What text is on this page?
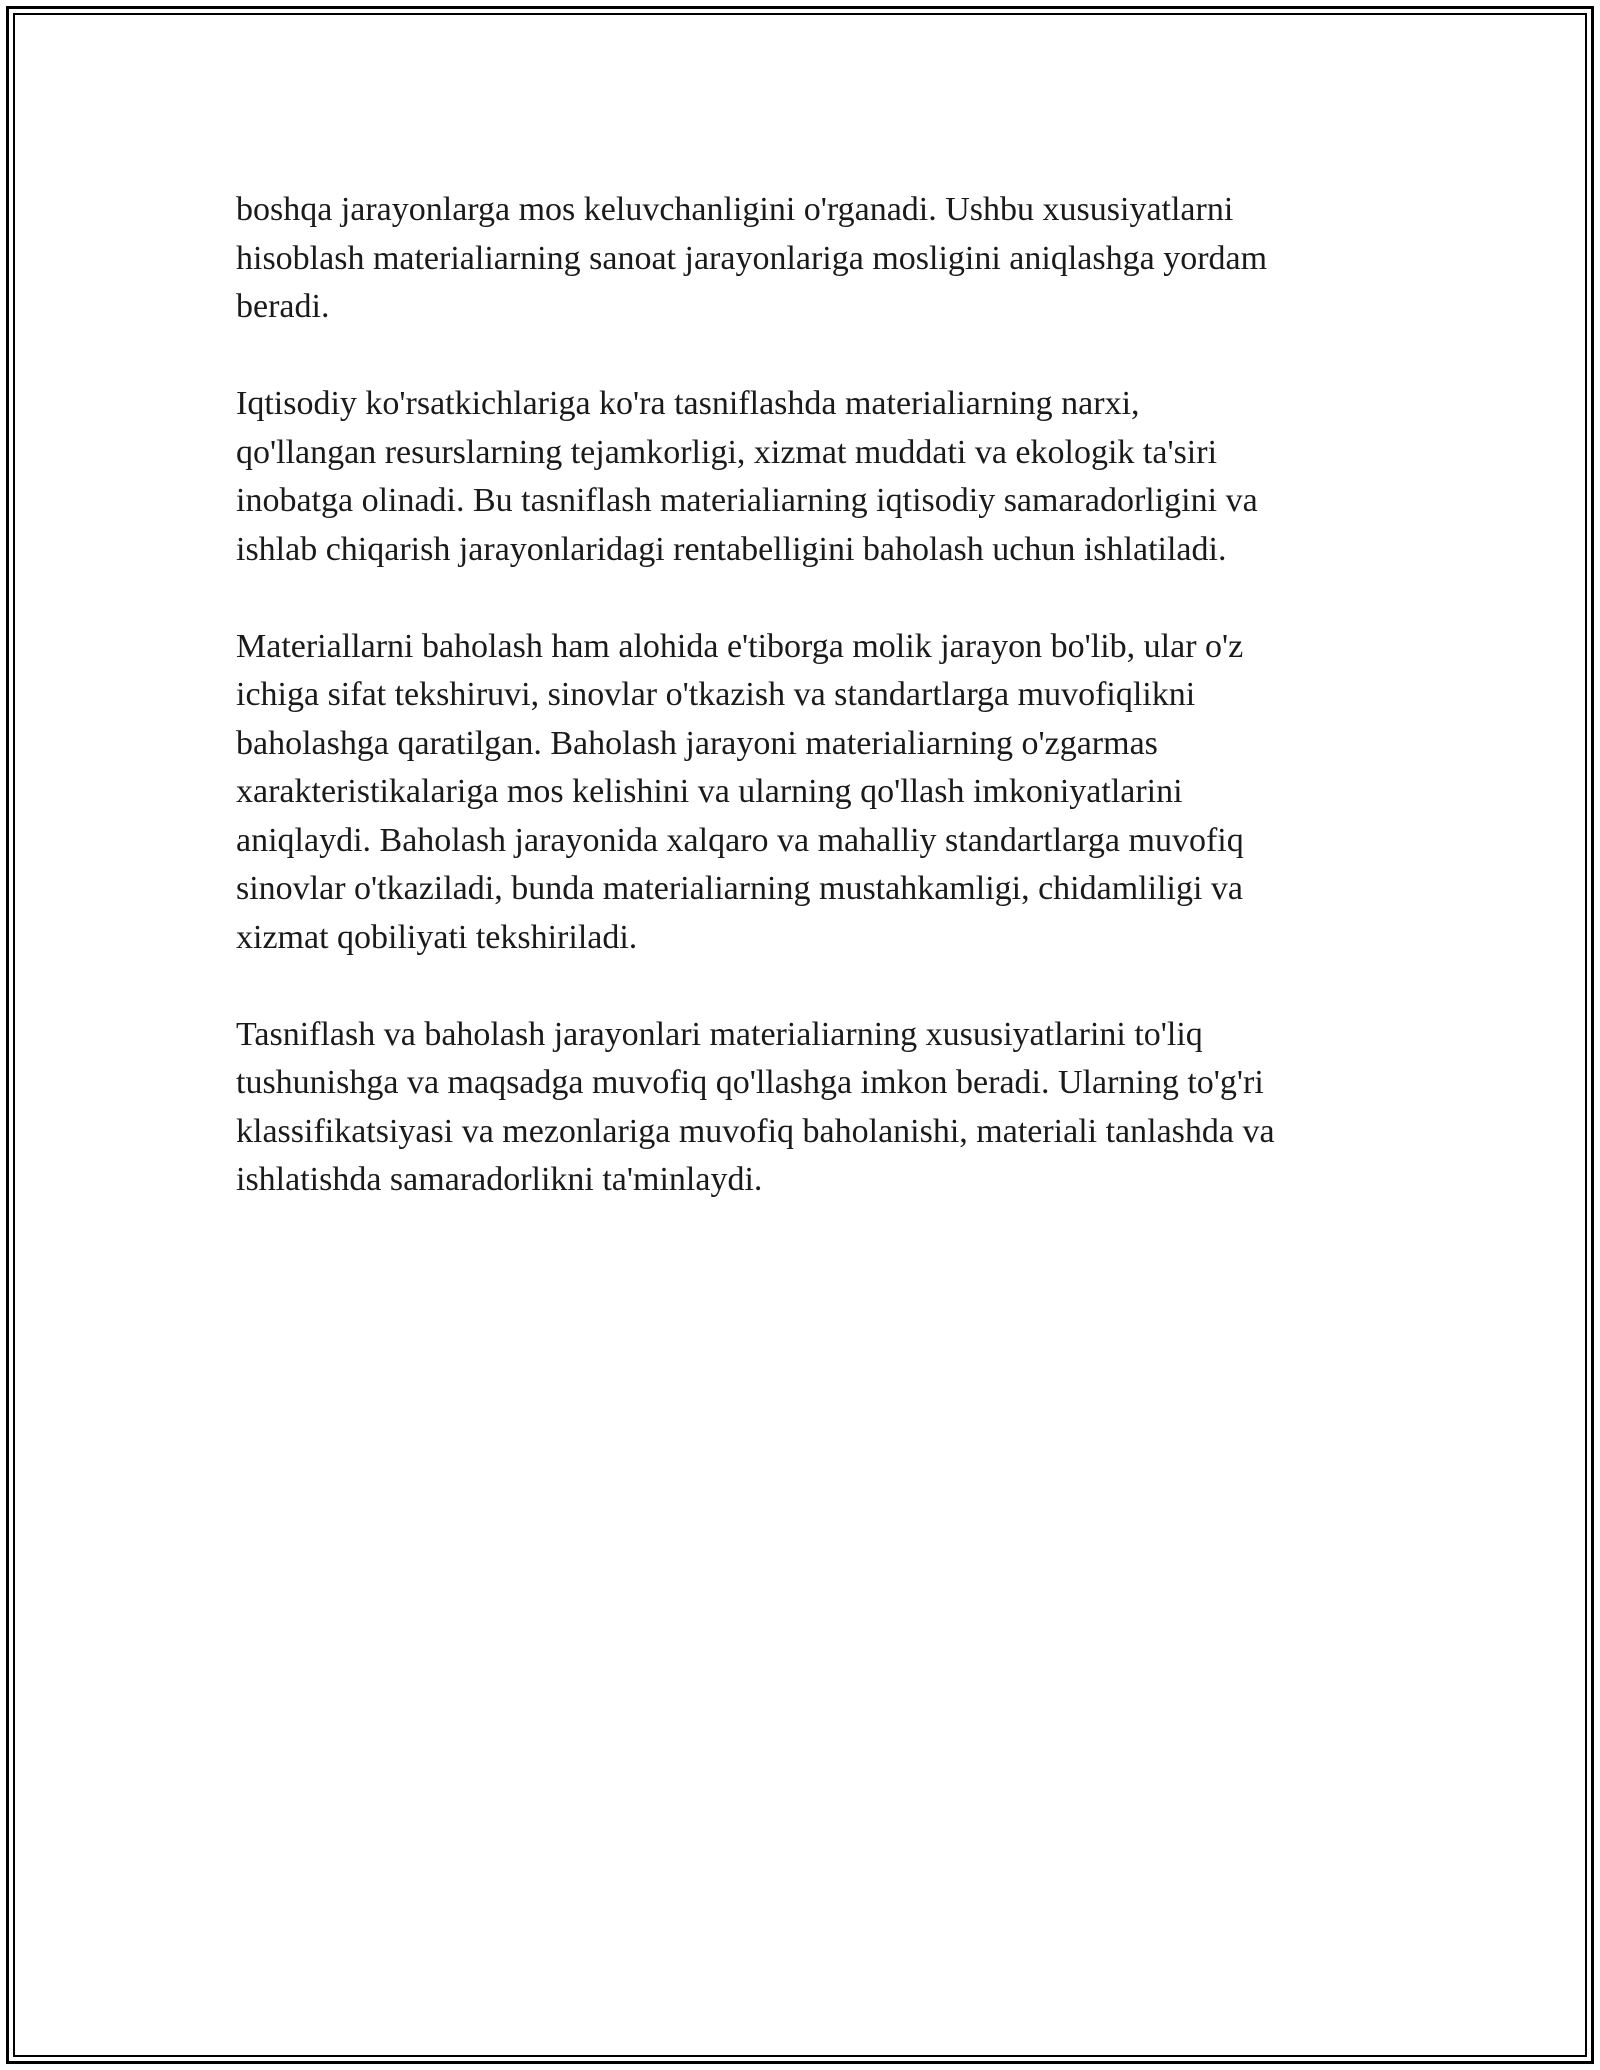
boshqa jarayonlarga mos keluvchanligini o'rganadi. Ushbu xususiyatlarni
hisoblash materialiarning sanoat jarayonlariga mosligini aniqlashga yordam
beradi.

Iqtisodiy ko'rsatkichlariga ko'ra tasniflashda materialiarning narxi,
qo'llangan resurslarning tejamkorligi, xizmat muddati va ekologik ta'siri
inobatga olinadi. Bu tasniflash materialiarning iqtisodiy samaradorligini va
ishlab chiqarish jarayonlaridagi rentabelligini baholash uchun ishlatiladi.

Materiallarni baholash ham alohida e'tiborga molik jarayon bo'lib, ular o'z
ichiga sifat tekshiruvi, sinovlar o'tkazish va standartlarga muvofiqlikni
baholashga qaratilgan. Baholash jarayoni materialiarning o'zgarmas
xarakteristikalariga mos kelishini va ularning qo'llash imkoniyatlarini
aniqlaydi. Baholash jarayonida xalqaro va mahalliy standartlarga muvofiq
sinovlar o'tkaziladi, bunda materialiarning mustahkamligi, chidamliligi va
xizmat qobiliyati tekshiriladi.

Tasniflash va baholash jarayonlari materialiarning xususiyatlarini to'liq
tushunishga va maqsadga muvofiq qo'llashga imkon beradi. Ularning to'g'ri
klassifikatsiyasi va mezonlariga muvofiq baholanishi, materiali tanlashda va
ishlatishda samaradorlikni ta'minlaydi.
